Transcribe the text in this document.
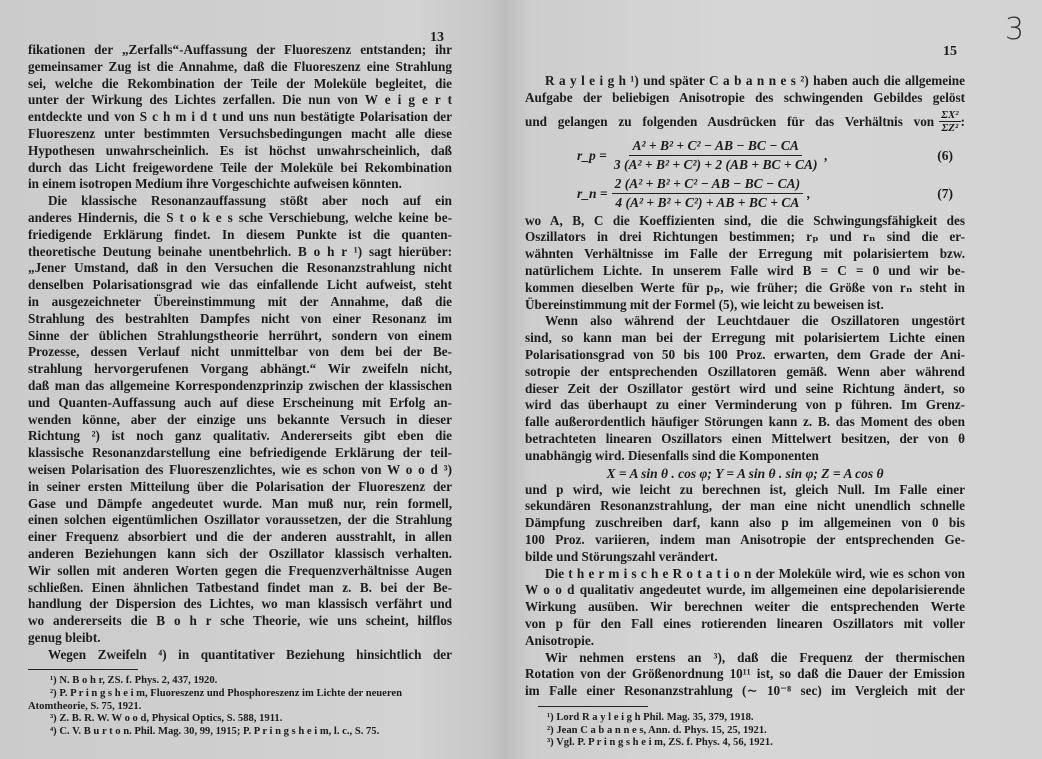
3
13
fikationen der „Zerfalls“-Auffassung der Fluoreszenz entstanden; ihr
gemeinsamer Zug ist die Annahme, daß die Fluoreszenz eine Strahlung
sei, welche die Rekombination der Teile der Moleküle begleitet, die
unter der Wirkung des Lichtes zerfallen. Die nun von W e i g e r t
entdeckte und von S c h m i d t und uns nun bestätigte Polarisation der
Fluoreszenz unter bestimmten Versuchsbedingungen macht alle diese
Hypothesen unwahrscheinlich. Es ist höchst unwahrscheinlich, daß
durch das Licht freigewordene Teile der Moleküle bei Rekombination
in einem isotropen Medium ihre Vorgeschichte aufweisen könnten.
Die klassische Resonanzauffassung stößt aber noch auf ein
anderes Hindernis, die S t o k e s sche Verschiebung, welche keine be-
friedigende Erklärung findet. In diesem Punkte ist die quanten-
theoretische Deutung beinahe unentbehrlich. B o h r ¹) sagt hierüber:
„Jener Umstand, daß in den Versuchen die Resonanzstrahlung nicht
denselben Polarisationsgrad wie das einfallende Licht aufweist, steht
in ausgezeichneter Übereinstimmung mit der Annahme, daß die
Strahlung des bestrahlten Dampfes nicht von einer Resonanz im
Sinne der üblichen Strahlungstheorie herrührt, sondern von einem
Prozesse, dessen Verlauf nicht unmittelbar von dem bei der Be-
strahlung hervorgerufenen Vorgang abhängt.“ Wir zweifeln nicht,
daß man das allgemeine Korrespondenzprinzip zwischen der klassischen
und Quanten-Auffassung auch auf diese Erscheinung mit Erfolg an-
wenden könne, aber der einzige uns bekannte Versuch in dieser
Richtung ²) ist noch ganz qualitativ. Andererseits gibt eben die
klassische Resonanzdarstellung eine befriedigende Erklärung der teil-
weisen Polarisation des Fluoreszenzlichtes, wie es schon von W o o d ³)
in seiner ersten Mitteilung über die Polarisation der Fluoreszenz der
Gase und Dämpfe angedeutet wurde. Man muß nur, rein formell,
einen solchen eigentümlichen Oszillator voraussetzen, der die Strahlung
einer Frequenz absorbiert und die der anderen ausstrahlt, in allen
anderen Beziehungen kann sich der Oszillator klassisch verhalten.
Wir sollen mit anderen Worten gegen die Frequenzverhältnisse Augen
schließen. Einen ähnlichen Tatbestand findet man z. B. bei der Be-
handlung der Dispersion des Lichtes, wo man klassisch verfährt und
wo andererseits die B o h r sche Theorie, wie uns scheint, hilflos
genug bleibt.
Wegen Zweifeln ⁴) in quantitativer Beziehung hinsichtlich der
¹) N. B o h r, ZS. f. Phys. 2, 437, 1920.
²) P. P r i n g s h e i m, Fluoreszenz und Phosphoreszenz im Lichte der neueren
Atomtheorie, S. 75, 1921.
³) Z. B. R. W. W o o d, Physical Optics, S. 588, 1911.
⁴) C. V. B u r t o n. Phil. Mag. 30, 99, 1915; P. P r i n g s h e i m, l. c., S. 75.
15
R a y l e i g h ¹) und später C a b a n n e s ²) haben auch die allgemeine
Aufgabe der beliebigen Anisotropie des schwingenden Gebildes gelöst
und gelangen zu folgenden Ausdrücken für das Verhältnis von $\frac{\text{ΣX²}}{\text{ΣZ²}}$ :
r_p = $\frac{\text{A² + B² + C² − AB − BC − CA}}{\text{3 (A² + B² + C²) + 2 (AB + BC + CA)}}$ ,	(6)
r_n = $\frac{\text{2 (A² + B² + C² − AB − BC − CA)}}{\text{4 (A² + B² + C²) + AB + BC + CA}}$ ,	(7)
wo A, B, C die Koeffizienten sind, die die Schwingungsfähigkeit des
Oszillators in drei Richtungen bestimmen; rₚ und rₙ sind die er-
wähnten Verhältnisse im Falle der Erregung mit polarisiertem bzw.
natürlichem Lichte. In unserem Falle wird B = C = 0 und wir be-
kommen dieselben Werte für pₚ, wie früher; die Größe von rₙ steht in
Übereinstimmung mit der Formel (5), wie leicht zu beweisen ist.
Wenn also während der Leuchtdauer die Oszillatoren ungestört
sind, so kann man bei der Erregung mit polarisiertem Lichte einen
Polarisationsgrad von 50 bis 100 Proz. erwarten, dem Grade der Ani-
sotropie der entsprechenden Oszillatoren gemäß. Wenn aber während
dieser Zeit der Oszillator gestört wird und seine Richtung ändert, so
wird das überhaupt zu einer Verminderung von p führen. Im Grenz-
falle außerordentlich häufiger Störungen kann z. B. das Moment des oben
betrachteten linearen Oszillators einen Mittelwert besitzen, der von θ
unabhängig wird. Diesenfalls sind die Komponenten
X = A sin θ . cos φ; Y = A sin θ . sin φ; Z = A cos θ
und p wird, wie leicht zu berechnen ist, gleich Null. Im Falle einer
sekundären Resonanzstrahlung, der man eine nicht unendlich schnelle
Dämpfung zuschreiben darf, kann also p im allgemeinen von 0 bis
100 Proz. variieren, indem man Anisotropie der entsprechenden Ge-
bilde und Störungszahl verändert.
Die t h e r m i s c h e R o t a t i o n der Moleküle wird, wie es schon von
W o o d qualitativ angedeutet wurde, im allgemeinen eine depolarisierende
Wirkung ausüben. Wir berechnen weiter die entsprechenden Werte
von p für den Fall eines rotierenden linearen Oszillators mit voller
Anisotropie.
Wir nehmen erstens an ³), daß die Frequenz der thermischen
Rotation von der Größenordnung 10¹¹ ist, so daß die Dauer der Emission
im Falle einer Resonanzstrahlung (∼ 10⁻⁸ sec) im Vergleich mit der
¹) Lord R a y l e i g h Phil. Mag. 35, 379, 1918.
²) Jean C a b a n n e s, Ann. d. Phys. 15, 25, 1921.
³) Vgl. P. P r i n g s h e i m, ZS. f. Phys. 4, 56, 1921.
